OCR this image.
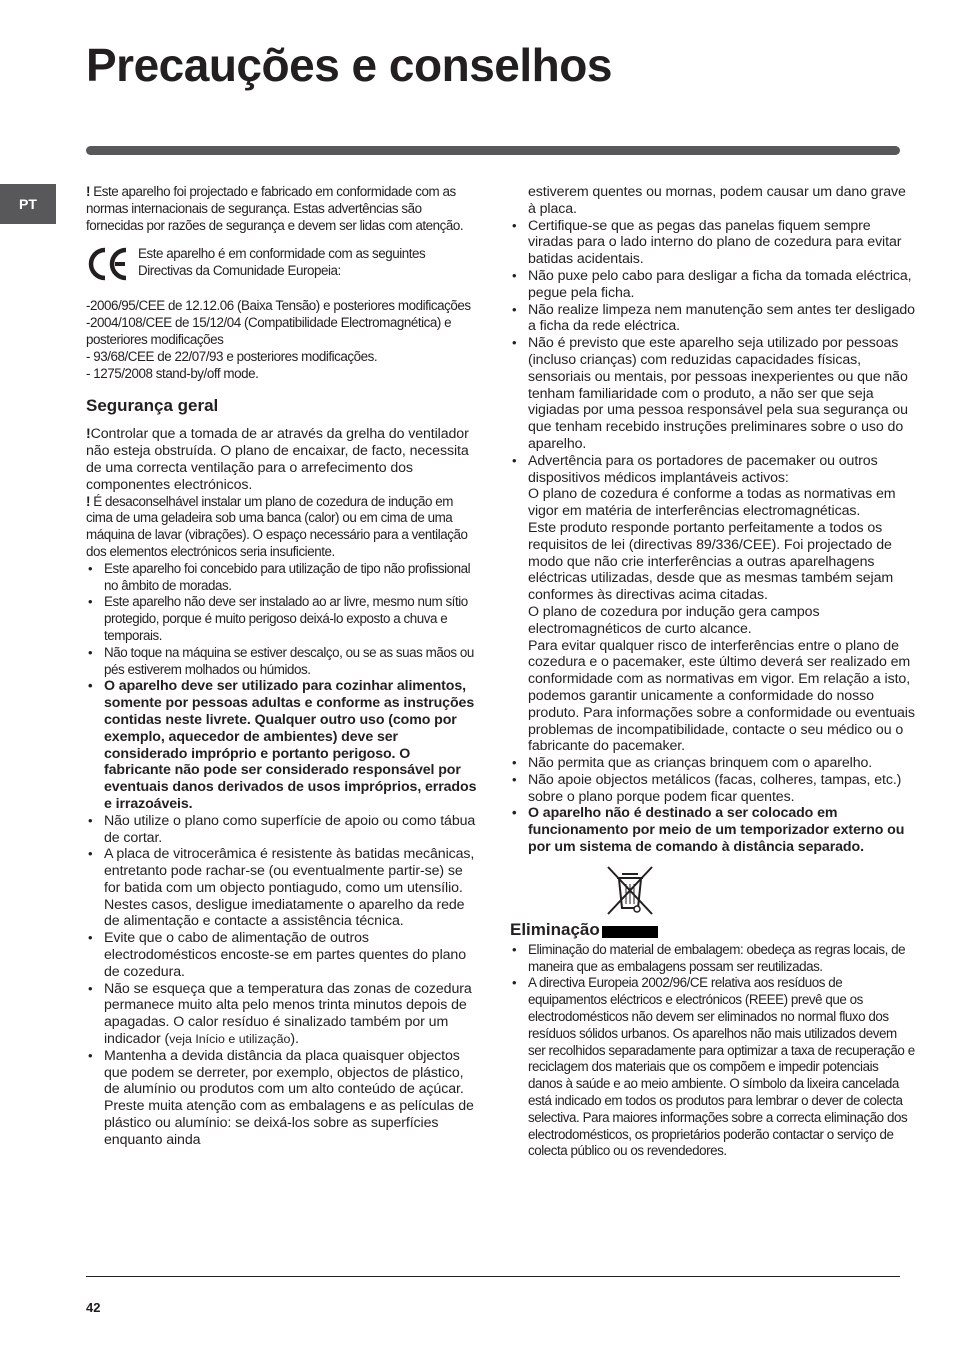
Precauções e conselhos
PT

! Este aparelho foi projectado e fabricado em conformidade com as normas internacionais de segurança. Estas advertências são fornecidas por razões de segurança e devem ser lidas com atenção.

Este aparelho é em conformidade com as seguintes Directivas da Comunidade Europeia:

-2006/95/CEE de 12.12.06 (Baixa Tensão) e posteriores modificações

-2004/108/CEE de 15/12/04 (Compatibilidade Electromagnética) e posteriores modificações

- 93/68/CEE de 22/07/93 e posteriores modificações.

- 1275/2008 stand-by/off mode.

Segurança geral

!Controlar que a tomada de ar através da grelha do ventilador não esteja obstruída. O plano de encaixar, de facto, necessita de uma correcta ventilação para o arrefecimento dos componentes electrónicos.

! É desaconselhável instalar um plano de cozedura de indução em cima de uma geladeira sob uma banca (calor) ou em cima de uma máquina de lavar (vibrações). O espaço necessário para a ventilação dos elementos electrónicos seria insuficiente.

• Este aparelho foi concebido para utilização de tipo não profissional no âmbito de moradas.
• Este aparelho não deve ser instalado ao ar livre, mesmo num sítio protegido, porque é muito perigoso deixá-lo exposto a chuva e temporais.
• Não toque na máquina se estiver descalço, ou se as suas mãos ou pés estiverem molhados ou húmidos.
• O aparelho deve ser utilizado para cozinhar alimentos, somente por pessoas adultas e conforme as instruções contidas neste livrete. Qualquer outro uso (como por exemplo, aquecedor de ambientes) deve ser considerado impróprio e portanto perigoso. O fabricante não pode ser considerado responsável por eventuais danos derivados de usos impróprios, errados e irrazoáveis.
• Não utilize o plano como superfície de apoio ou como tábua de cortar.
• A placa de vitrocerâmica é resistente às batidas mecânicas, entretanto pode rachar-se (ou eventualmente partir-se) se for batida com um objecto pontiagudo, como um utensílio. Nestes casos, desligue imediatamente o aparelho da rede de alimentação e contacte a assistência técnica.
• Evite que o cabo de alimentação de outros electrodomésticos encoste-se em partes quentes do plano de cozedura.
• Não se esqueça que a temperatura das zonas de cozedura permanece muito alta pelo menos trinta minutos depois de apagadas. O calor resíduo é sinalizado também por um indicador (veja Início e utilização).
• Mantenha a devida distância da placa quaisquer objectos que podem se derreter, por exemplo, objectos de plástico, de alumínio ou produtos com um alto conteúdo de açúcar. Preste muita atenção com as embalagens e as películas de plástico ou alumínio: se deixá-los sobre as superfícies enquanto ainda

estiverem quentes ou mornas, podem causar um dano grave à placa.

• Certifique-se que as pegas das panelas fiquem sempre viradas para o lado interno do plano de cozedura para evitar batidas acidentais.
• Não puxe pelo cabo para desligar a ficha da tomada eléctrica, pegue pela ficha.
• Não realize limpeza nem manutenção sem antes ter desligado a ficha da rede eléctrica.
• Não é previsto que este aparelho seja utilizado por pessoas (incluso crianças) com reduzidas capacidades físicas, sensoriais ou mentais, por pessoas inexperientes ou que não tenham familiaridade com o produto, a não ser que seja vigiadas por uma pessoa responsável pela sua segurança ou que tenham recebido instruções preliminares sobre o uso do aparelho.
• Advertência para os portadores de pacemaker ou outros dispositivos médicos implantáveis activos:
O plano de cozedura é conforme a todas as normativas em vigor em matéria de interferências electromagnéticas.
Este produto responde portanto perfeitamente a todos os requisitos de lei (directivas 89/336/CEE). Foi projectado de modo que não crie interferências a outras aparelhagens eléctricas utilizadas, desde que as mesmas também sejam conformes às directivas acima citadas.
O plano de cozedura por indução gera campos electromagnéticos de curto alcance.
Para evitar qualquer risco de interferências entre o plano de cozedura e o pacemaker, este último deverá ser realizado em conformidade com as normativas em vigor. Em relação a isto, podemos garantir unicamente a conformidade do nosso produto. Para informações sobre a conformidade ou eventuais problemas de incompatibilidade, contacte o seu médico ou o fabricante do pacemaker.
• Não permita que as crianças brinquem com o aparelho.
• Não apoie objectos metálicos (facas, colheres, tampas, etc.) sobre o plano porque podem ficar quentes.
• O aparelho não é destinado a ser colocado em funcionamento por meio de um temporizador externo ou por um sistema de comando à distância separado.
Eliminação
• Eliminação do material de embalagem: obedeça as regras locais, de maneira que as embalagens possam ser reutilizadas.
• A directiva Europeia 2002/96/CE relativa aos resíduos de equipamentos eléctricos e electrónicos (REEE) prevê que os electrodomésticos não devem ser eliminados no normal fluxo dos resíduos sólidos urbanos. Os aparelhos não mais utilizados devem ser recolhidos separadamente para optimizar a taxa de recuperação e reciclagem dos materiais que os compõem e impedir potenciais danos à saúde e ao meio ambiente. O símbolo da lixeira cancelada está indicado em todos os produtos para lembrar o dever de colecta selectiva. Para maiores informações sobre a correcta eliminação dos electrodomésticos, os proprietários poderão contactar o serviço de colecta público ou os revendedores.
42
